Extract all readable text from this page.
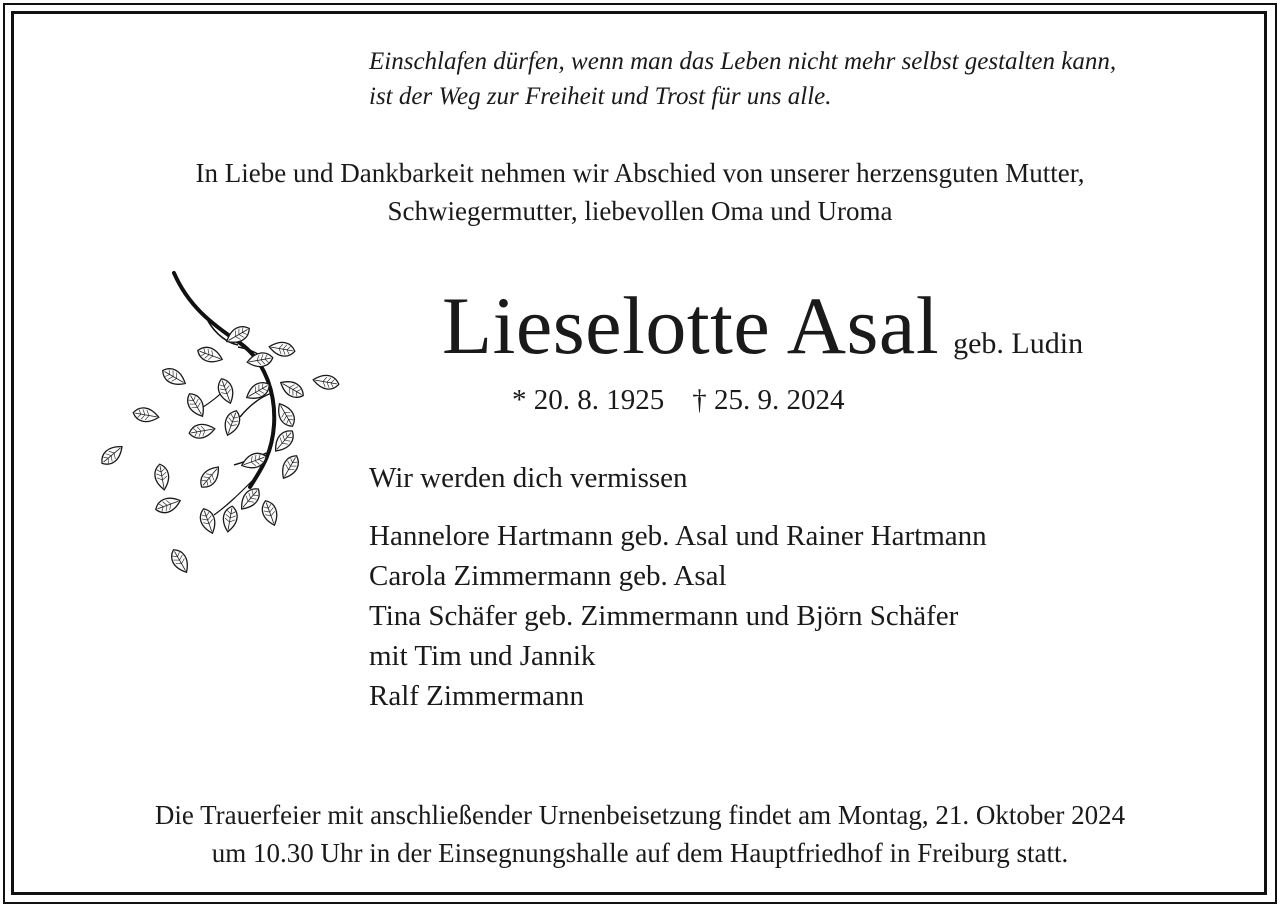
Einschlafen dürfen, wenn man das Leben nicht mehr selbst gestalten kann,
ist der Weg zur Freiheit und Trost für uns alle.

In Liebe und Dankbarkeit nehmen wir Abschied von unserer herzensguten Mutter,
Schwiegermutter, liebevollen Oma und Uroma

Lieselotte Asal geb. Ludin
* 20. 8. 1925 † 25. 9. 2024

Wir werden dich vermissen

Hannelore Hartmann geb. Asal und Rainer Hartmann
Carola Zimmermann geb. Asal
Tina Schäfer geb. Zimmermann und Björn Schäfer
mit Tim und Jannik
Ralf Zimmermann

Die Trauerfeier mit anschließender Urnenbeisetzung findet am Montag, 21. Oktober 2024
um 10.30 Uhr in der Einsegnungshalle auf dem Hauptfriedhof in Freiburg statt.
